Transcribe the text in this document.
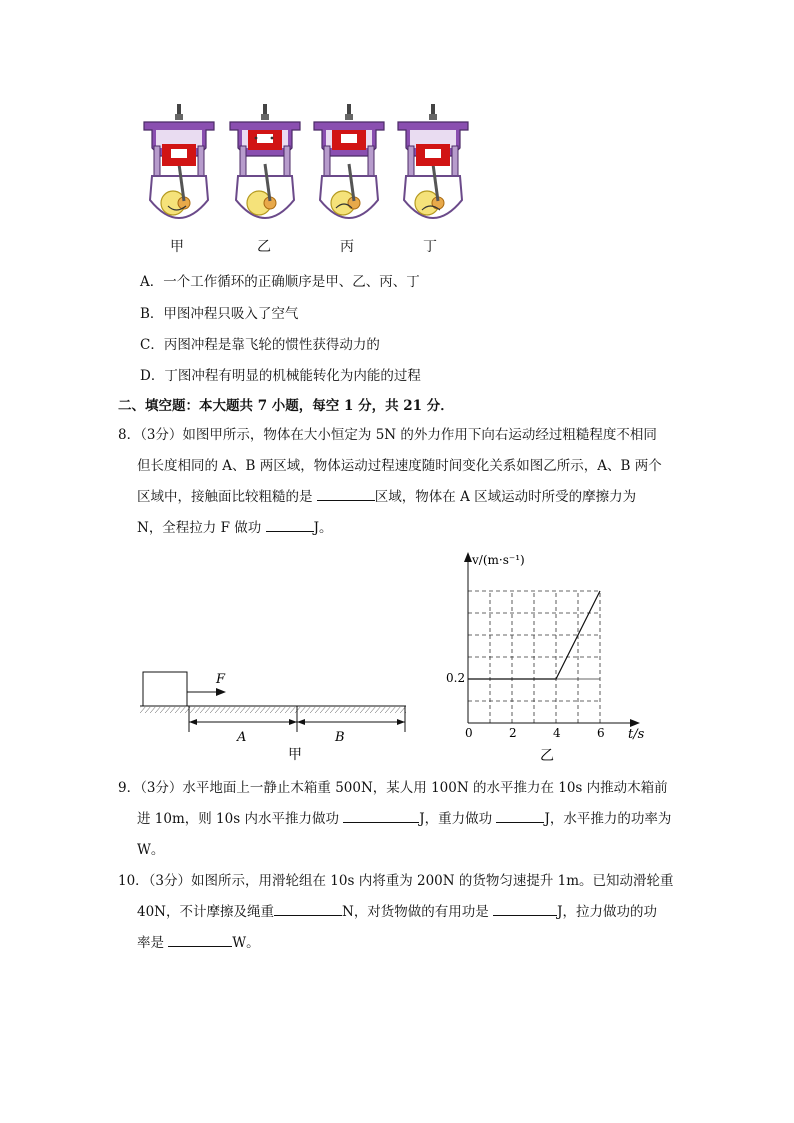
甲	乙	丙	丁
A．一个工作循环的正确顺序是甲、乙、丙、丁
B．甲图冲程只吸入了空气
C．丙图冲程是靠飞轮的惯性获得动力的
D．丁图冲程有明显的机械能转化为内能的过程
二、填空题：本大题共 7 小题，每空 1 分，共 21 分．
8．（3分）如图甲所示，物体在大小恒定为 5N 的外力作用下向右运动经过粗糙程度不相同
但长度相同的 A、B 两区域，物体运动过程速度随时间变化关系如图乙所示，A、B 两个
区域中，接触面比较粗糙的是	区域，物体在 A 区域运动时所受的摩擦力为
N，全程拉力 F 做功	J。
F
A	B
甲
v/(m·s⁻¹)
t/s
0.2
0	2	4	6
乙
9．（3分）水平地面上一静止木箱重 500N，某人用 100N 的水平推力在 10s 内推动木箱前
进 10m，则 10s 内水平推力做功	J，重力做功	J，水平推力的功率为
W。
10．（3分）如图所示，用滑轮组在 10s 内将重为 200N 的货物匀速提升 1m。已知动滑轮重
40N，不计摩擦及绳重	N，对货物做的有用功是	J，拉力做功的功
率是	W。
